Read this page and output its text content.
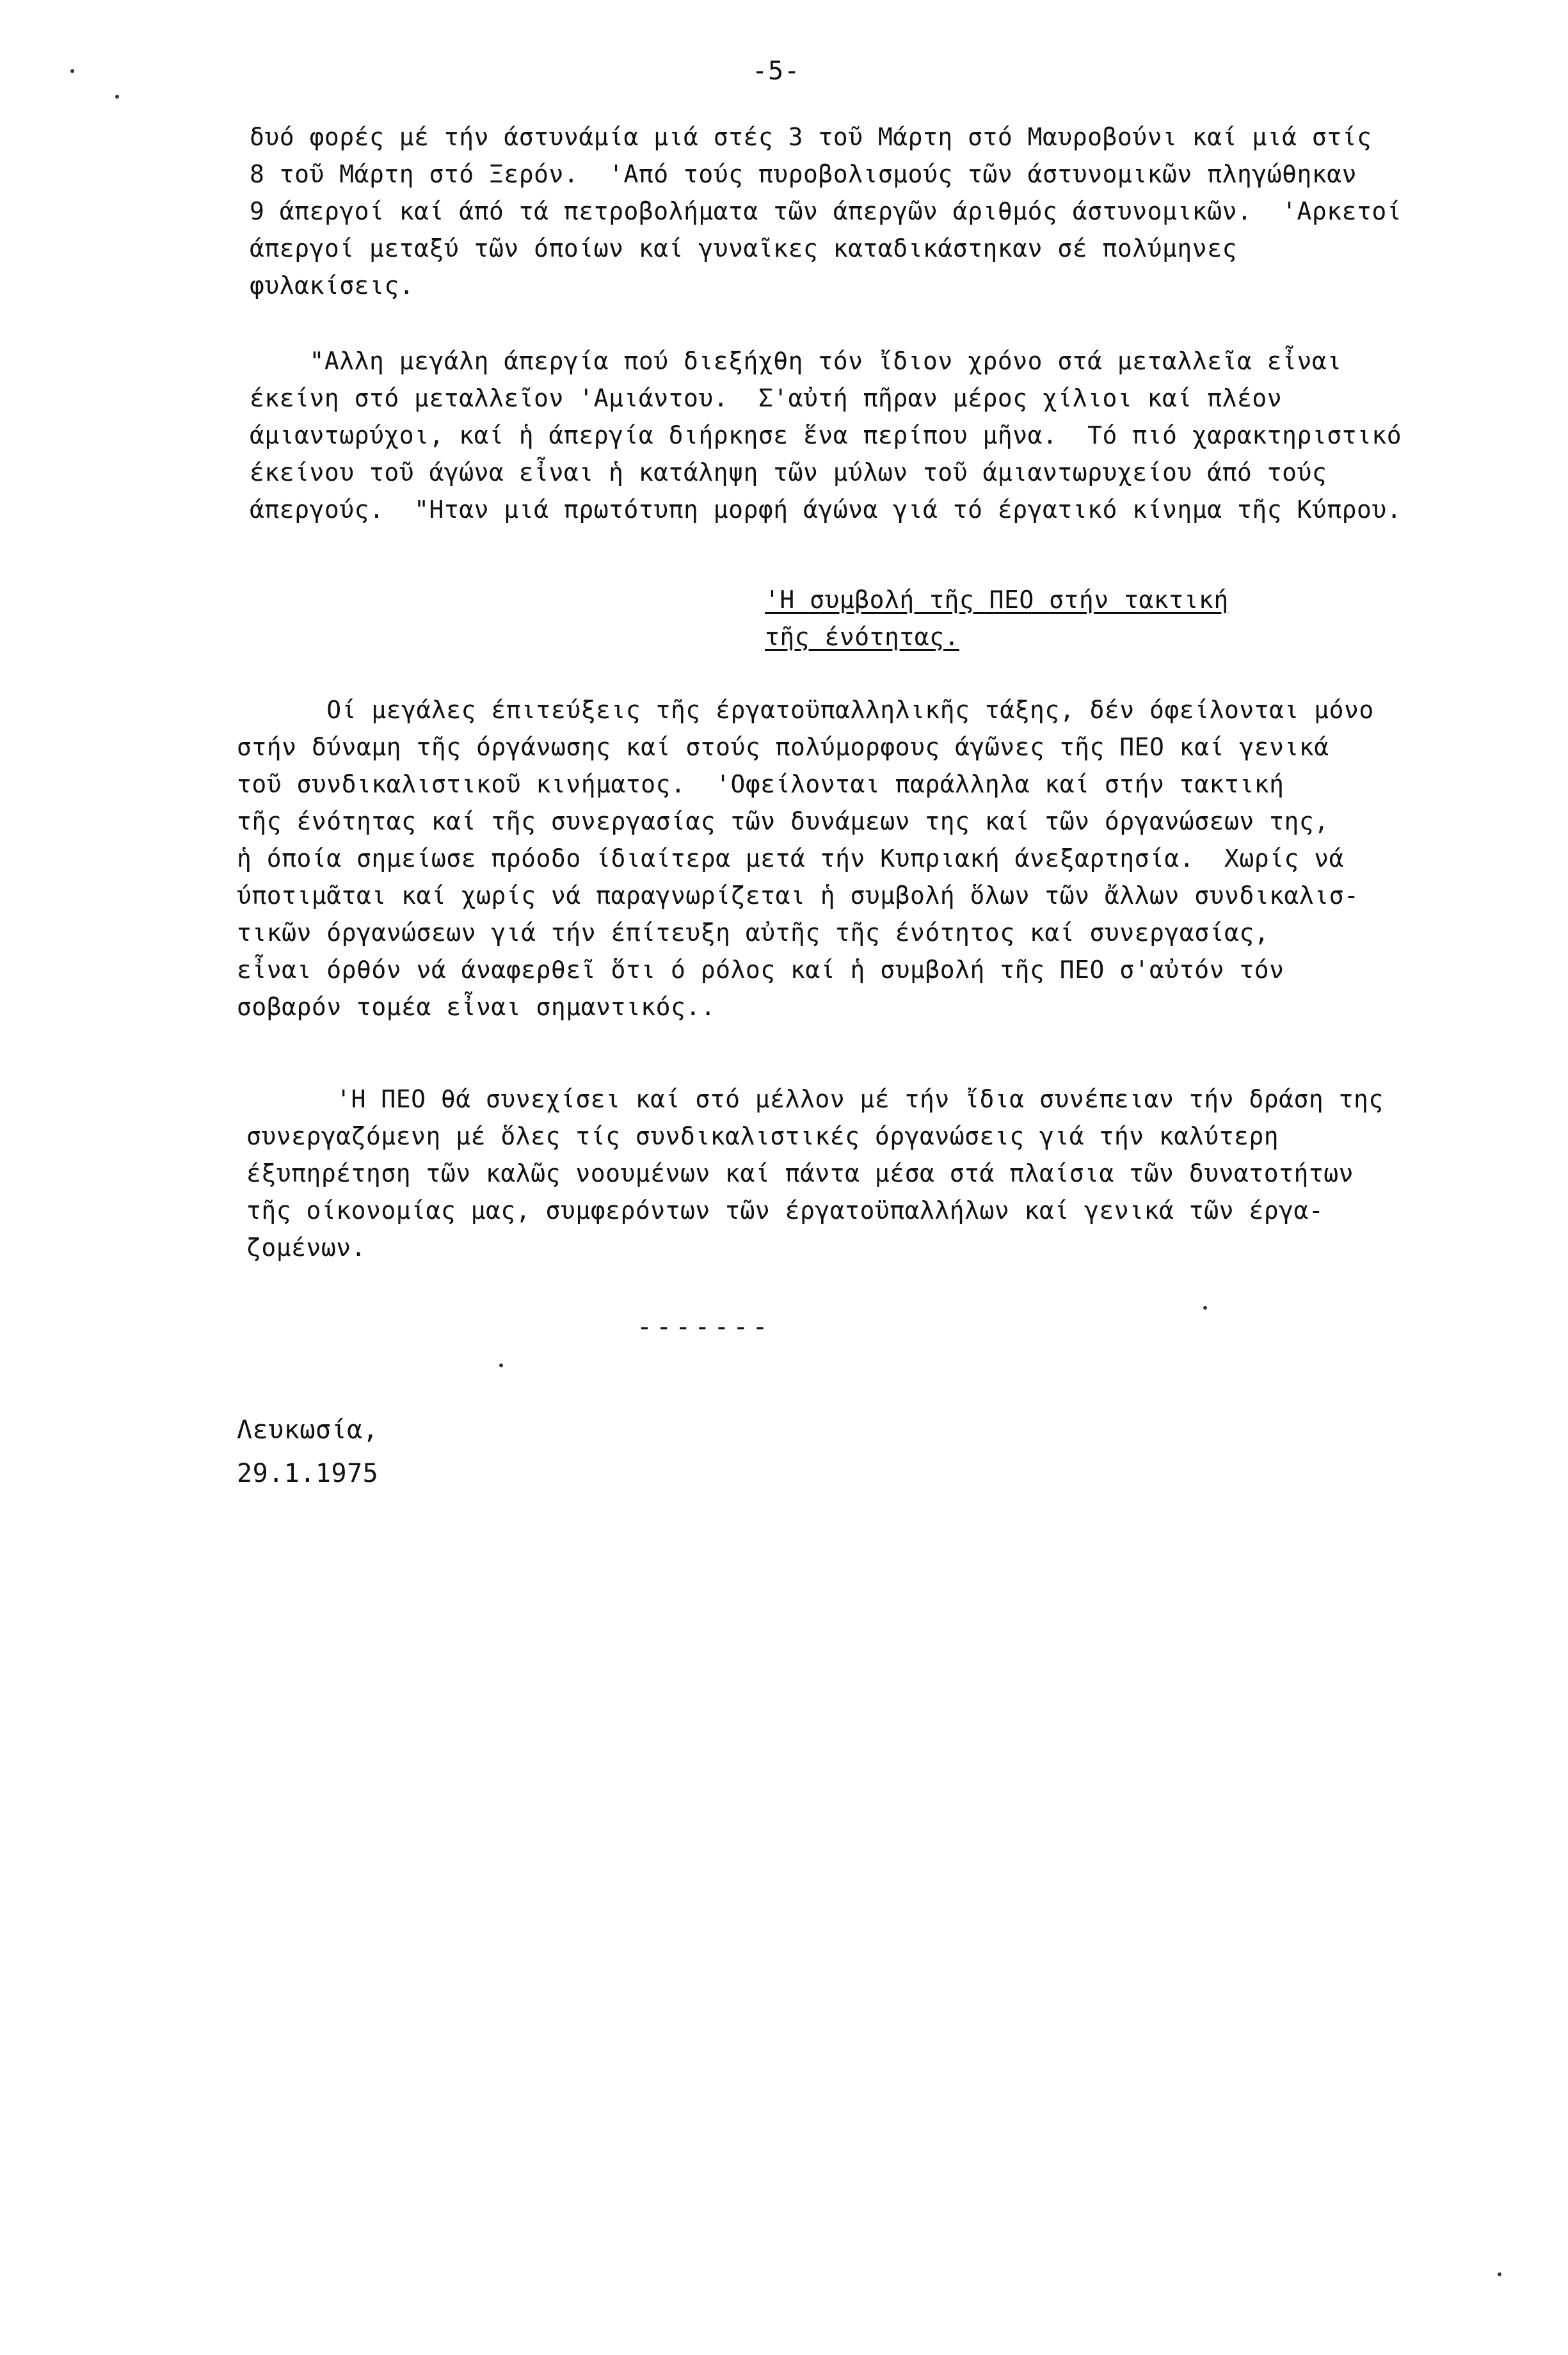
-5-
δυό φορές μέ τήν άστυνάμία μιά στές 3 τοῦ Μάρτη στό Μαυροβούνι καί μιά στίς
8 τοῦ Μάρτη στό Ξερόν.  'Από τούς πυροβολισμούς τῶν άστυνομικῶν πληγώθηκαν
9 άπεργοί καί άπό τά πετροβολήματα τῶν άπεργῶν άριθμός άστυνομικῶν.  'Αρκετοί
άπεργοί μεταξύ τῶν όποίων καί γυναῖκες καταδικάστηκαν σέ πολύμηνες
φυλακίσεις.
"Αλλη μεγάλη άπεργία πού διεξήχθη τόν ἴδιον χρόνο στά μεταλλεῖα εἶναι
έκείνη στό μεταλλεῖον 'Αμιάντου.  Σ'αὐτή πῆραν μέρος χίλιοι καί πλέον
άμιαντωρύχοι, καί ἡ άπεργία διήρκησε ἕνα περίπου μῆνα.  Τό πιό χαρακτηριστικό
έκείνου τοῦ άγώνα εἶναι ἡ κατάληψη τῶν μύλων τοῦ άμιαντωρυχείου άπό τούς
άπεργούς.  "Ηταν μιά πρωτότυπη μορφή άγώνα γιά τό έργατικό κίνημα τῆς Κύπρου.
'Η συμβολή τῆς ΠΕΟ στήν τακτική
τῆς ένότητας.
Οί μεγάλες έπιτεύξεις τῆς έργατοϋπαλληλικῆς τάξης, δέν όφείλονται μόνο
στήν δύναμη τῆς όργάνωσης καί στούς πολύμορφους άγῶνες τῆς ΠΕΟ καί γενικά
τοῦ συνδικαλιστικοῦ κινήματος.  'Οφείλονται παράλληλα καί στήν τακτική
τῆς ένότητας καί τῆς συνεργασίας τῶν δυνάμεων της καί τῶν όργανώσεων της,
ἡ όποία σημείωσε πρόοδο ίδιαίτερα μετά τήν Κυπριακή άνεξαρτησία.  Χωρίς νά
ύποτιμᾶται καί χωρίς νά παραγνωρίζεται ἡ συμβολή ὅλων τῶν ἄλλων συνδικαλισ-
τικῶν όργανώσεων γιά τήν έπίτευξη αὐτῆς τῆς ένότητος καί συνεργασίας,
εἶναι όρθόν νά άναφερθεῖ ὅτι ό ρόλος καί ἡ συμβολή τῆς ΠΕΟ σ'αὐτόν τόν
σοβαρόν τομέα εἶναι σημαντικός..
'Η ΠΕΟ θά συνεχίσει καί στό μέλλον μέ τήν ἴδια συνέπειαν τήν δράση της
συνεργαζόμενη μέ ὅλες τίς συνδικαλιστικές όργανώσεις γιά τήν καλύτερη
έξυπηρέτηση τῶν καλῶς νοουμένων καί πάντα μέσα στά πλαίσια τῶν δυνατοτήτων
τῆς οίκονομίας μας, συμφερόντων τῶν έργατοϋπαλλήλων καί γενικά τῶν έργα-
ζομένων.
-------
Λευκωσία,
29.1.1975
